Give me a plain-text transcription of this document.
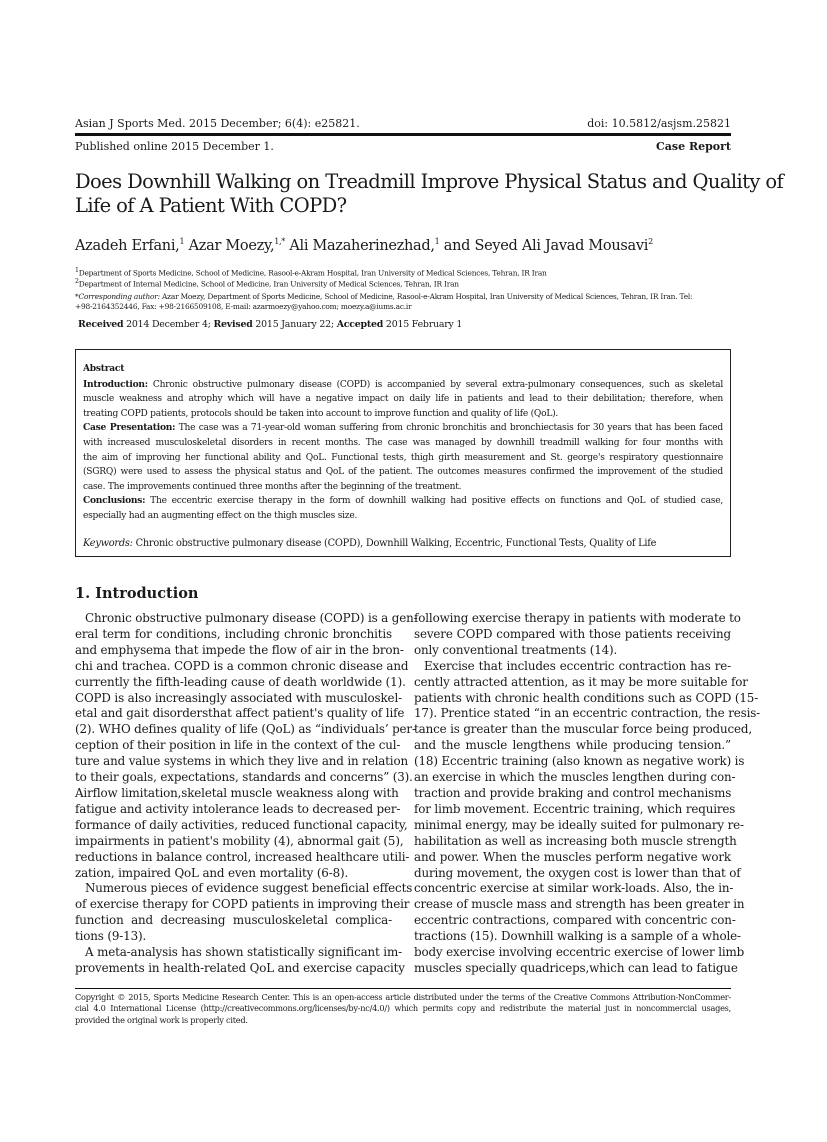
Asian J Sports Med. 2015 December; 6(4): e25821.	doi: 10.5812/asjsm.25821
Published online 2015 December 1.	Case Report
Does Downhill Walking on Treadmill Improve Physical Status and Quality of
Life of A Patient With COPD?
Azadeh Erfani,$^1$ Azar Moezy,$^{1,*}$ Ali Mazaherinezhad,$^1$ and Seyed Ali Javad Mousavi$^2$
$^1$Department of Sports Medicine, School of Medicine, Rasool-e-Akram Hospital, Iran University of Medical Sciences, Tehran, IR Iran
$^2$Department of Internal Medicine, School of Medicine, Iran University of Medical Sciences, Tehran, IR Iran
*Corresponding author: Azar Moezy, Department of Sports Medicine, School of Medicine, Rasool-e-Akram Hospital, Iran University of Medical Sciences, Tehran, IR Iran. Tel:
+98-2164352446, Fax: +98-2166509108, E-mail: azarmoezy@yahoo.com; moezy.a@iums.ac.ir
Received 2014 December 4; Revised 2015 January 22; Accepted 2015 February 1
Abstract
Introduction: Chronic obstructive pulmonary disease (COPD) is accompanied by several extra-pulmonary consequences, such as skeletal
muscle weakness and atrophy which will have a negative impact on daily life in patients and lead to their debilitation; therefore, when
treating COPD patients, protocols should be taken into account to improve function and quality of life (QoL).
Case Presentation: The case was a 71-year-old woman suffering from chronic bronchitis and bronchiectasis for 30 years that has been faced
with increased musculoskeletal disorders in recent months. The case was managed by downhill treadmill walking for four months with
the aim of improving her functional ability and QoL. Functional tests, thigh girth measurement and St. george's respiratory questionnaire
(SGRQ) were used to assess the physical status and QoL of the patient. The outcomes measures confirmed the improvement of the studied
case. The improvements continued three months after the beginning of the treatment.
Conclusions: The eccentric exercise therapy in the form of downhill walking had positive effects on functions and QoL of studied case,
especially had an augmenting effect on the thigh muscles size.
Keywords: Chronic obstructive pulmonary disease (COPD), Downhill Walking, Eccentric, Functional Tests, Quality of Life
1. Introduction
Chronic obstructive pulmonary disease (COPD) is a gen-
eral term for conditions, including chronic bronchitis
and emphysema that impede the flow of air in the bron-
chi and trachea. COPD is a common chronic disease and
currently the fifth-leading cause of death worldwide (1).
COPD is also increasingly associated with musculoskel-
etal and gait disordersthat affect patient's quality of life
(2). WHO defines quality of life (QoL) as “individuals’ per-
ception of their position in life in the context of the cul-
ture and value systems in which they live and in relation
to their goals, expectations, standards and concerns” (3).
Airflow limitation,skeletal muscle weakness along with
fatigue and activity intolerance leads to decreased per-
formance of daily activities, reduced functional capacity,
impairments in patient's mobility (4), abnormal gait (5),
reductions in balance control, increased healthcare utili-
zation, impaired QoL and even mortality (6-8).
Numerous pieces of evidence suggest beneficial effects
of exercise therapy for COPD patients in improving their
function and decreasing musculoskeletal complica-
tions (9-13).
A meta-analysis has shown statistically significant im-
provements in health-related QoL and exercise capacity
following exercise therapy in patients with moderate to
severe COPD compared with those patients receiving
only conventional treatments (14).
Exercise that includes eccentric contraction has re-
cently attracted attention, as it may be more suitable for
patients with chronic health conditions such as COPD (15-
17). Prentice stated “in an eccentric contraction, the resis-
tance is greater than the muscular force being produced,
and the muscle lengthens while producing tension.”
(18) Eccentric training (also known as negative work) is
an exercise in which the muscles lengthen during con-
traction and provide braking and control mechanisms
for limb movement. Eccentric training, which requires
minimal energy, may be ideally suited for pulmonary re-
habilitation as well as increasing both muscle strength
and power. When the muscles perform negative work
during movement, the oxygen cost is lower than that of
concentric exercise at similar work-loads. Also, the in-
crease of muscle mass and strength has been greater in
eccentric contractions, compared with concentric con-
tractions (15). Downhill walking is a sample of a whole-
body exercise involving eccentric exercise of lower limb
muscles specially quadriceps,which can lead to fatigue
Copyright © 2015, Sports Medicine Research Center. This is an open-access article distributed under the terms of the Creative Commons Attribution-NonCommer-
cial 4.0 International License (http://creativecommons.org/licenses/by-nc/4.0/) which permits copy and redistribute the material just in noncommercial usages,
provided the original work is properly cited.
